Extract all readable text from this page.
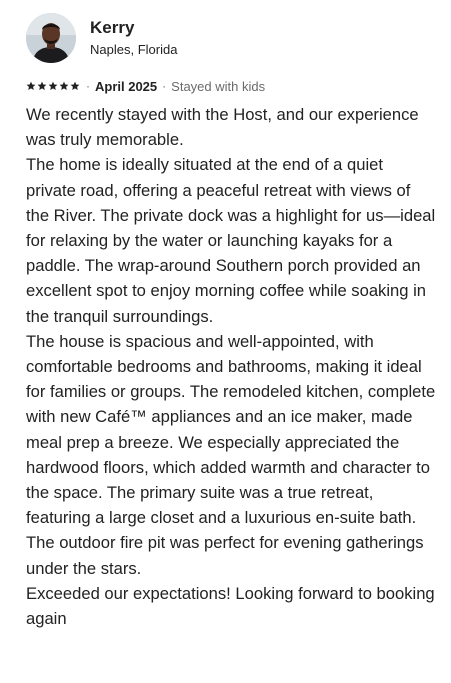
Kerry
Naples, Florida
· April 2025 · Stayed with kids

We recently stayed with the Host, and our experience was truly memorable.

The home is ideally situated at the end of a quiet private road, offering a peaceful retreat with views of the River. The private dock was a highlight for us—ideal for relaxing by the water or launching kayaks for a paddle. The wrap-around Southern porch provided an excellent spot to enjoy morning coffee while soaking in the tranquil surroundings.

The house is spacious and well-appointed, with comfortable bedrooms and bathrooms, making it ideal for families or groups. The remodeled kitchen, complete with new Café™ appliances and an ice maker, made meal prep a breeze. We especially appreciated the hardwood floors, which added warmth and character to the space. The primary suite was a true retreat, featuring a large closet and a luxurious en-suite bath.

The outdoor fire pit was perfect for evening gatherings under the stars.

Exceeded our expectations! Looking forward to booking again
